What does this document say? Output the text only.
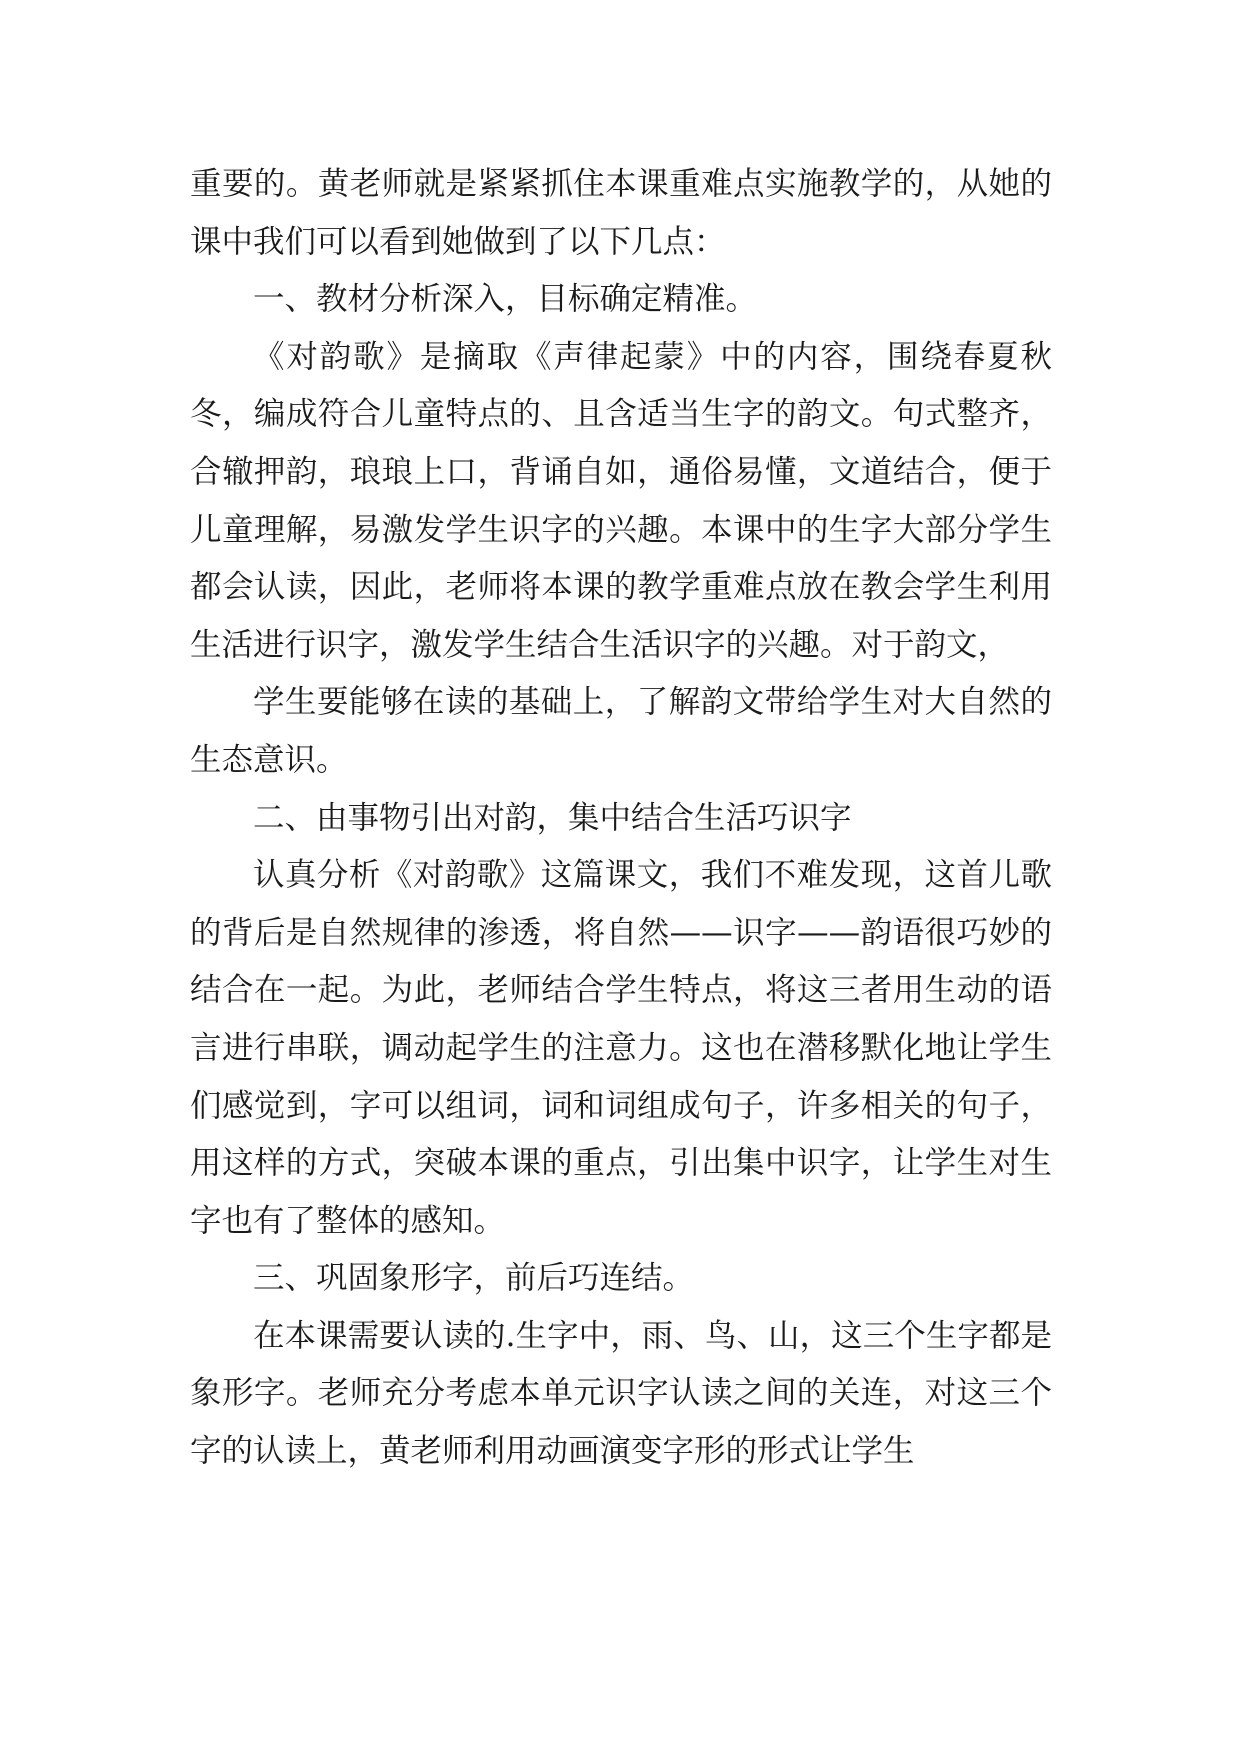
重要的。黄老师就是紧紧抓住本课重难点实施教学的，从她的课中我们可以看到她做到了以下几点：

一、教材分析深入，目标确定精准。

《对韵歌》是摘取《声律起蒙》中的内容，围绕春夏秋冬，编成符合儿童特点的、且含适当生字的韵文。句式整齐，合辙押韵，琅琅上口，背诵自如，通俗易懂，文道结合，便于儿童理解，易激发学生识字的兴趣。本课中的生字大部分学生都会认读，因此，老师将本课的教学重难点放在教会学生利用生活进行识字，激发学生结合生活识字的兴趣。对于韵文，

学生要能够在读的基础上，了解韵文带给学生对大自然的生态意识。

二、由事物引出对韵，集中结合生活巧识字

认真分析《对韵歌》这篇课文，我们不难发现，这首儿歌的背后是自然规律的渗透，将自然——识字——韵语很巧妙的结合在一起。为此，老师结合学生特点，将这三者用生动的语言进行串联，调动起学生的注意力。这也在潜移默化地让学生们感觉到，字可以组词，词和词组成句子，许多相关的句子，用这样的方式，突破本课的重点，引出集中识字，让学生对生字也有了整体的感知。

三、巩固象形字，前后巧连结。

在本课需要认读的.生字中，雨、鸟、山，这三个生字都是象形字。老师充分考虑本单元识字认读之间的关连，对这三个字的认读上，黄老师利用动画演变字形的形式让学生
